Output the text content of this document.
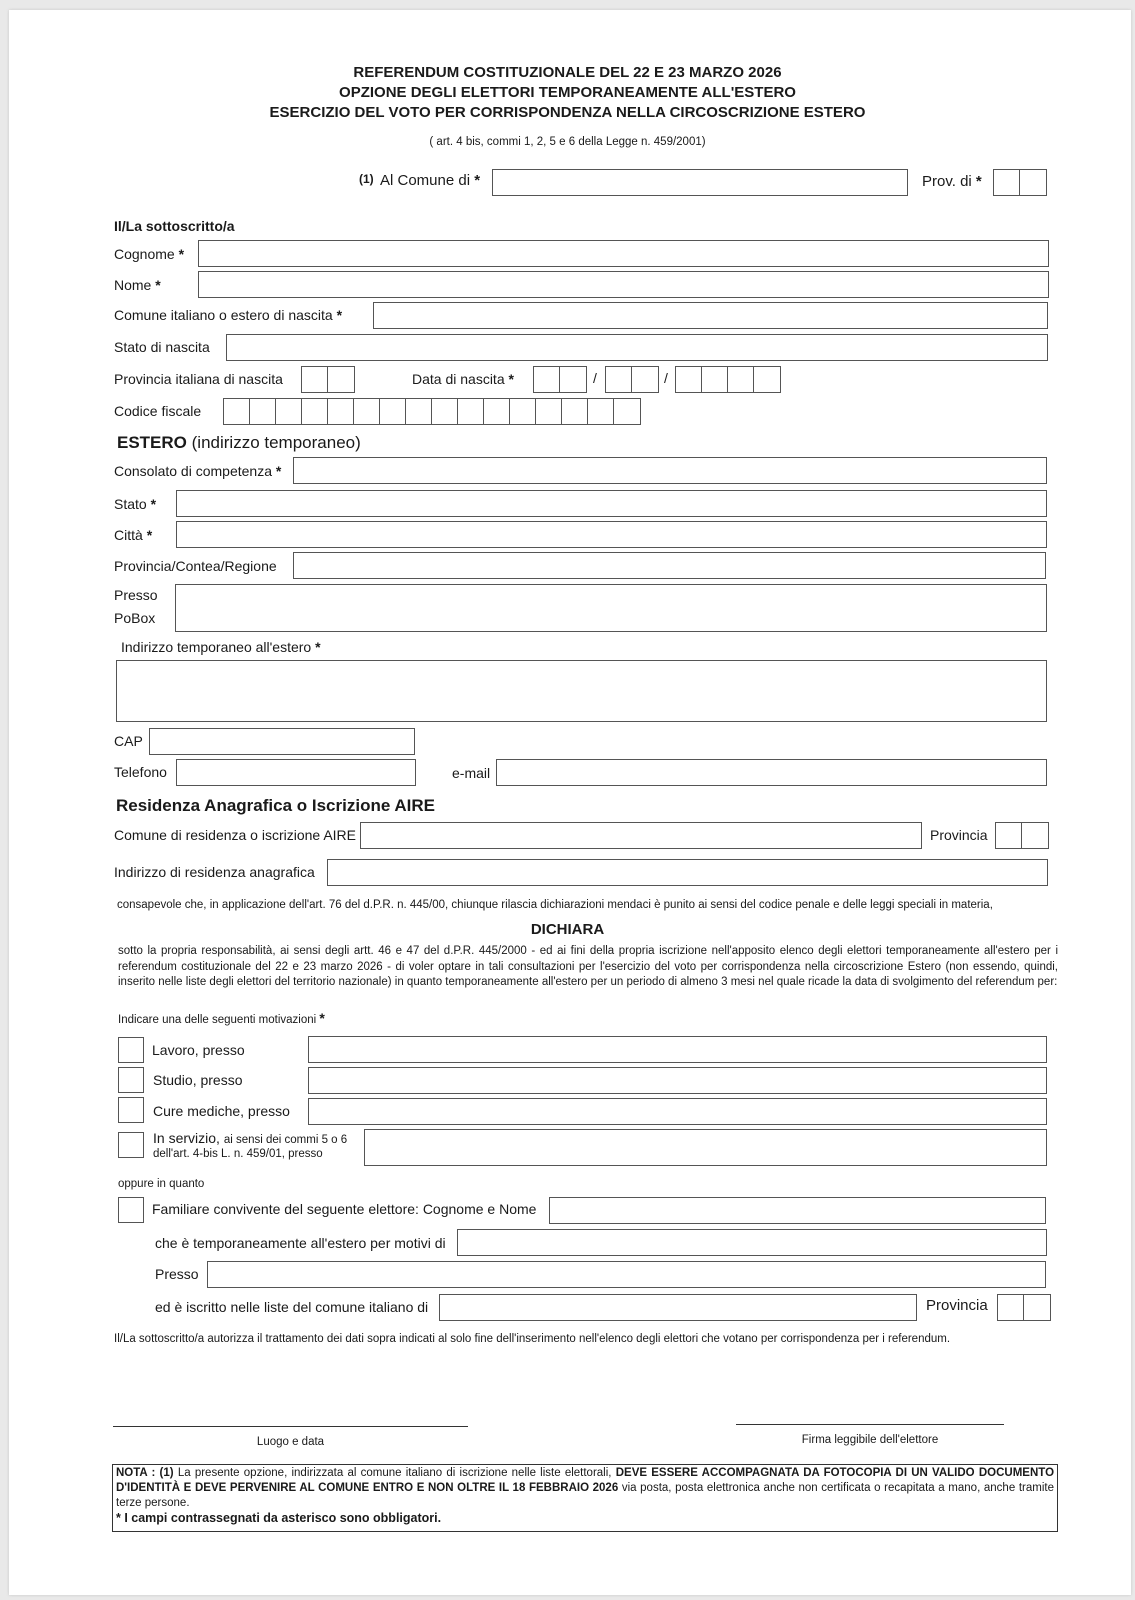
REFERENDUM COSTITUZIONALE DEL 22 E 23 MARZO 2026
OPZIONE DEGLI ELETTORI TEMPORANEAMENTE ALL'ESTERO
ESERCIZIO DEL VOTO PER CORRISPONDENZA NELLA CIRCOSCRIZIONE ESTERO
( art. 4 bis, commi 1, 2, 5 e 6 della Legge n. 459/2001)
(1) Al Comune di *	Prov. di *
Il/La sottoscritto/a
Cognome *
Nome *
Comune italiano o estero di nascita *
Stato di nascita
Provincia italiana di nascita	Data di nascita *	/	/
Codice fiscale
ESTERO (indirizzo temporaneo)
Consolato di competenza *
Stato *
Città *
Provincia/Contea/Regione
Presso
PoBox
Indirizzo temporaneo all'estero *
CAP
Telefono	e-mail
Residenza Anagrafica o Iscrizione AIRE
Comune di residenza o iscrizione AIRE	Provincia
Indirizzo di residenza anagrafica
consapevole che, in applicazione dell'art. 76 del d.P.R. n. 445/00, chiunque rilascia dichiarazioni mendaci è punito ai sensi del codice penale e delle leggi speciali in materia,
DICHIARA
sotto la propria responsabilità, ai sensi degli artt. 46 e 47 del d.P.R. 445/2000 - ed ai fini della propria iscrizione nell'apposito elenco degli elettori temporaneamente all'estero per i referendum costituzionale del 22 e 23 marzo 2026 - di voler optare in tali consultazioni per l'esercizio del voto per corrispondenza nella circoscrizione Estero (non essendo, quindi, inserito nelle liste degli elettori del territorio nazionale) in quanto temporaneamente all'estero per un periodo di almeno 3 mesi nel quale ricade la data di svolgimento del referendum per:
Indicare una delle seguenti motivazioni *
Lavoro, presso
Studio, presso
Cure mediche, presso
In servizio, ai sensi dei commi 5 o 6
dell'art. 4-bis L. n. 459/01, presso
oppure in quanto
Familiare convivente del seguente elettore: Cognome e Nome
che è temporaneamente all'estero per motivi di
Presso
ed è iscritto nelle liste del comune italiano di	Provincia
Il/La sottoscritto/a autorizza il trattamento dei dati sopra indicati al solo fine dell'inserimento nell'elenco degli elettori che votano per corrispondenza per i referendum.
Luogo e data	Firma leggibile dell'elettore
NOTA : (1) La presente opzione, indirizzata al comune italiano di iscrizione nelle liste elettorali, DEVE ESSERE ACCOMPAGNATA DA FOTOCOPIA DI UN VALIDO DOCUMENTO D'IDENTITÀ E DEVE PERVENIRE AL COMUNE ENTRO E NON OLTRE IL 18 FEBBRAIO 2026 via posta, posta elettronica anche non certificata o recapitata a mano, anche tramite terze persone.
* I campi contrassegnati da asterisco sono obbligatori.
